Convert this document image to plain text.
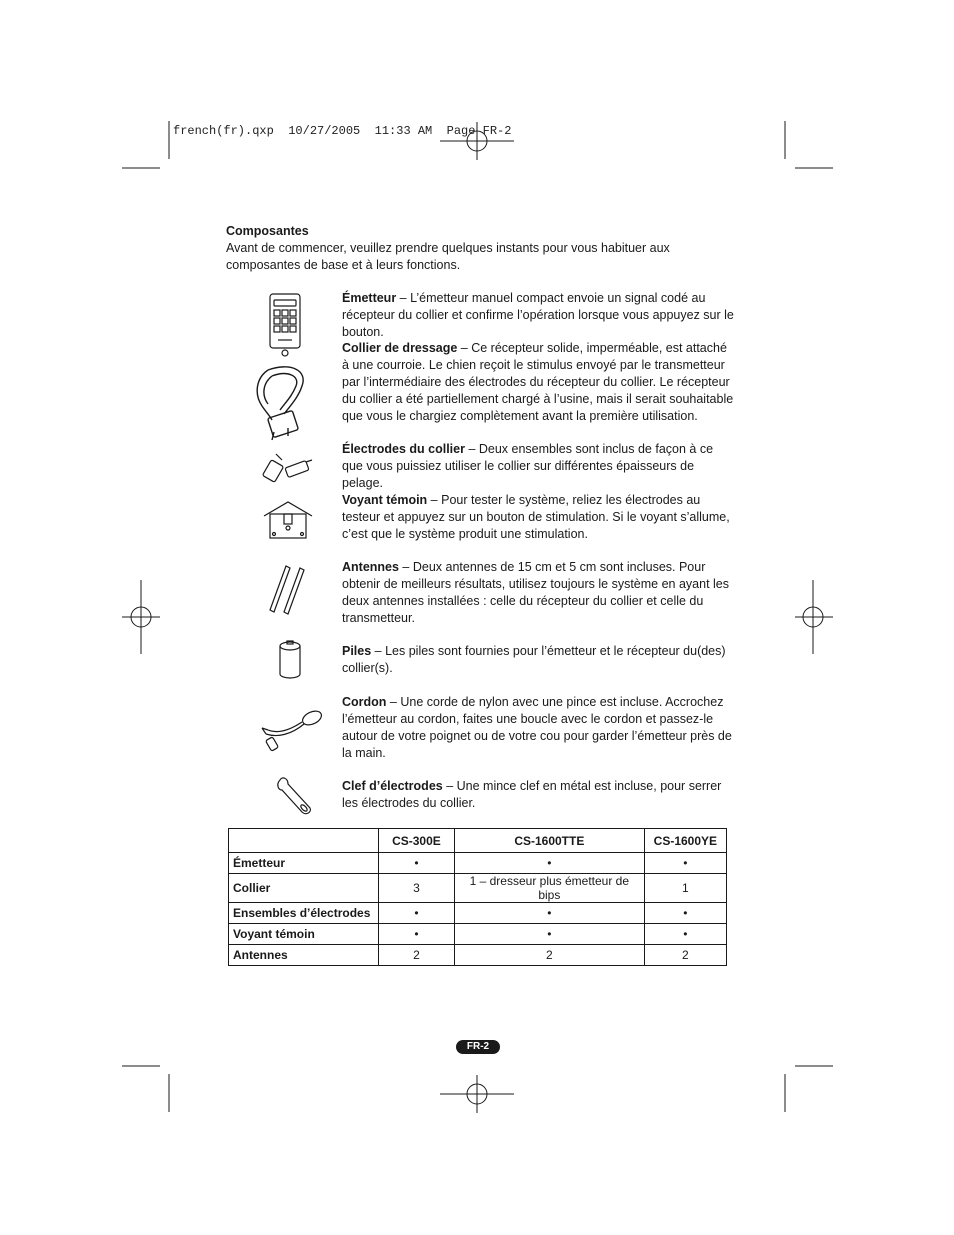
french(fr).qxp  10/27/2005  11:33 AM  Page FR-2
Composantes
Avant de commencer, veuillez prendre quelques instants pour vous habituer aux composantes de base et à leurs fonctions.
Émetteur – L’émetteur manuel compact envoie un signal codé au récepteur du collier et confirme l’opération lorsque vous appuyez sur le bouton.
Collier de dressage – Ce récepteur solide, imperméable, est attaché à une courroie. Le chien reçoit le stimulus envoyé par le transmetteur par l’intermédiaire des électrodes du récepteur du collier. Le récepteur du collier a été partiellement chargé à l’usine, mais il serait souhaitable que vous le chargiez complètement avant la première utilisation.
Électrodes du collier – Deux ensembles sont inclus de façon à ce que vous puissiez utiliser le collier sur différentes épaisseurs de pelage.
Voyant témoin – Pour tester le système, reliez les électrodes au testeur et appuyez sur un bouton de stimulation. Si le voyant s’allume, c’est que le système produit une stimulation.
Antennes – Deux antennes de 15 cm et 5 cm sont incluses. Pour obtenir de meilleurs résultats, utilisez toujours le système en ayant les deux antennes installées : celle du récepteur du collier et celle du transmetteur.
Piles – Les piles sont fournies pour l’émetteur et le récepteur du(des) collier(s).
Cordon – Une corde de nylon avec une pince est incluse. Accrochez l’émetteur au cordon, faites une boucle avec le cordon et passez-le autour de votre poignet ou de votre cou pour garder l’émetteur près de la main.
Clef d’électrodes – Une mince clef en métal est incluse, pour serrer les électrodes du collier.
	CS-300E	CS-1600TTE	CS-1600YE
Émetteur	•	•	•
Collier	3	1 – dresseur plus émetteur de bips	1
Ensembles d’électrodes	•	•	•
Voyant témoin	•	•	•
Antennes	2	2	2
FR-2
